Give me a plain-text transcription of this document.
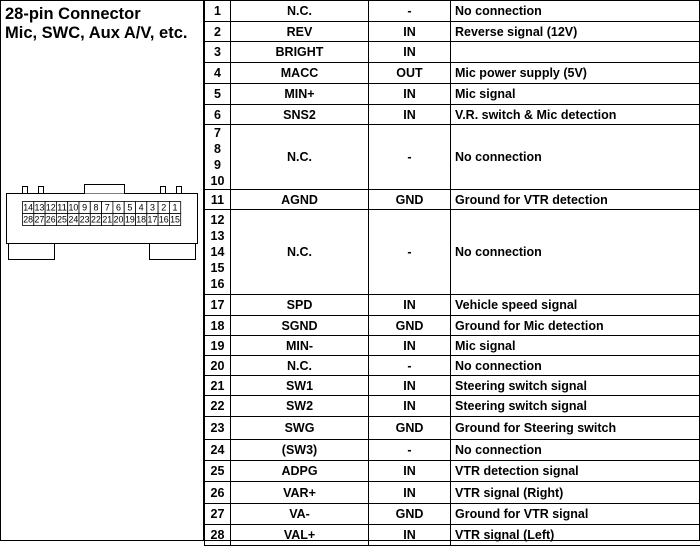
28-pin Connector
Mic, SWC, Aux A/V, etc.
14 13 12 11 10 9 8 7 6 5 4 3 2 1
28 27 26 25 24 23 22 21 20 19 18 17 16 15
1	N.C.	-	No connection
2	REV	IN	Reverse signal (12V)
3	BRIGHT	IN	
4	MACC	OUT	Mic power supply (5V)
5	MIN+	IN	Mic signal
6	SNS2	IN	V.R. switch & Mic detection

7
8
9
10	N.C.	-	No connection
11	AGND	GND	Ground for VTR detection

12
13
14
15
16	N.C.	-	No connection
17	SPD	IN	Vehicle speed signal
18	SGND	GND	Ground for Mic detection
19	MIN-	IN	Mic signal
20	N.C.	-	No connection
21	SW1	IN	Steering switch signal
22	SW2	IN	Steering switch signal
23	SWG	GND	Ground for Steering switch
24	(SW3)	-	No connection
25	ADPG	IN	VTR detection signal
26	VAR+	IN	VTR signal (Right)
27	VA-	GND	Ground for VTR signal
28	VAL+	IN	VTR signal (Left)
